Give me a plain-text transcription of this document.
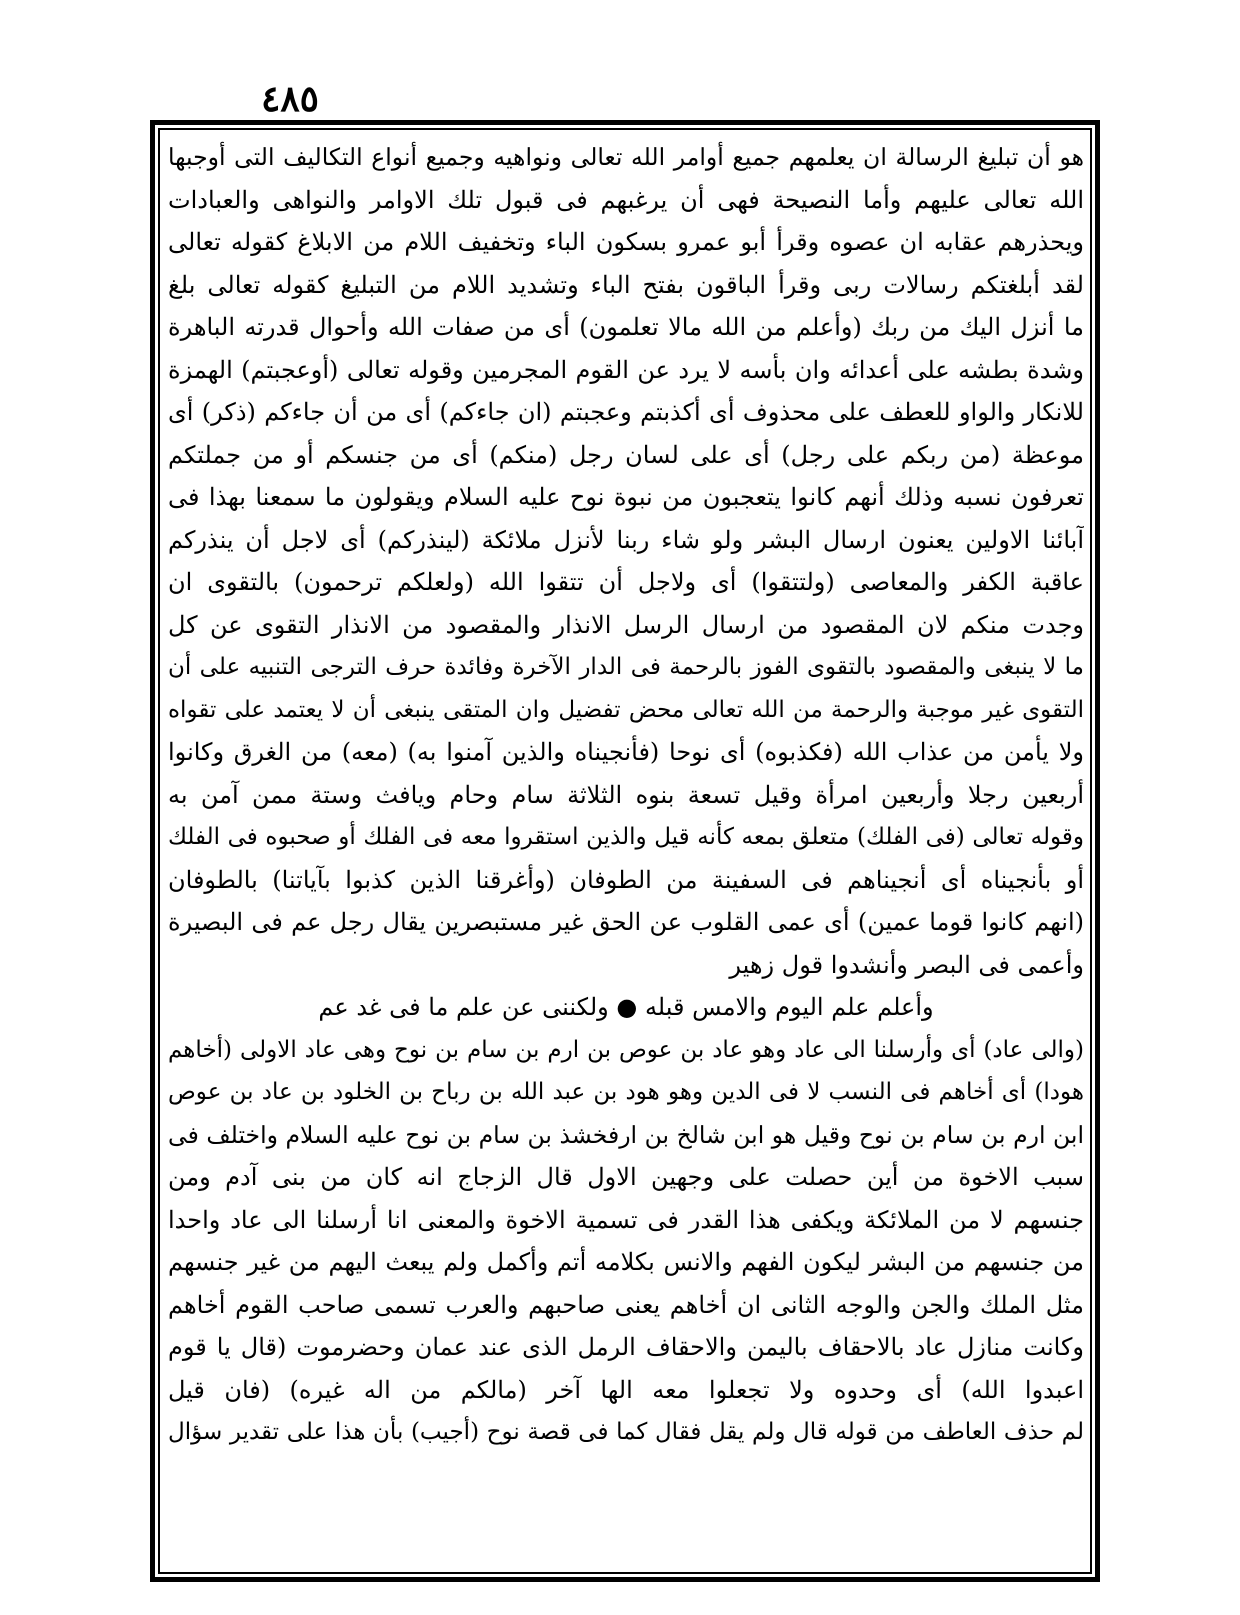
٤٨٥
هو أن تبليغ الرسالة ان يعلمهم جميع أوامر الله تعالى ونواهيه وجميع أنواع التكاليف التى أوجبها
الله تعالى عليهم وأما النصيحة فهى أن يرغبهم فى قبول تلك الاوامر والنواهى والعبادات
ويحذرهم عقابه ان عصوه وقرأ أبو عمرو بسكون الباء وتخفيف اللام من الابلاغ كقوله تعالى
لقد أبلغتكم رسالات ربى وقرأ الباقون بفتح الباء وتشديد اللام من التبليغ كقوله تعالى بلغ
ما أنزل اليك من ربك (وأعلم من الله مالا تعلمون) أى من صفات الله وأحوال قدرته الباهرة
وشدة بطشه على أعدائه وان بأسه لا يرد عن القوم المجرمين وقوله تعالى (أوعجبتم) الهمزة
للانكار والواو للعطف على محذوف أى أكذبتم وعجبتم (ان جاءكم) أى من أن جاءكم (ذكر) أى
موعظة (من ربكم على رجل) أى على لسان رجل (منكم) أى من جنسكم أو من جملتكم
تعرفون نسبه وذلك أنهم كانوا يتعجبون من نبوة نوح عليه السلام ويقولون ما سمعنا بهذا فى
آبائنا الاولين يعنون ارسال البشر ولو شاء ربنا لأنزل ملائكة (لينذركم) أى لاجل أن ينذركم
عاقبة الكفر والمعاصى (ولتتقوا) أى ولاجل أن تتقوا الله (ولعلكم ترحمون) بالتقوى ان
وجدت منكم لان المقصود من ارسال الرسل الانذار والمقصود من الانذار التقوى عن كل
ما لا ينبغى والمقصود بالتقوى الفوز بالرحمة فى الدار الآخرة وفائدة حرف الترجى التنبيه على أن
التقوى غير موجبة والرحمة من الله تعالى محض تفضيل وان المتقى ينبغى أن لا يعتمد على تقواه
ولا يأمن من عذاب الله (فكذبوه) أى نوحا (فأنجيناه والذين آمنوا به) (معه) من الغرق وكانوا
أربعين رجلا وأربعين امرأة وقيل تسعة بنوه الثلاثة سام وحام ويافث وستة ممن آمن به
وقوله تعالى (فى الفلك) متعلق بمعه كأنه قيل والذين استقروا معه فى الفلك أو صحبوه فى الفلك
أو بأنجيناه أى أنجيناهم فى السفينة من الطوفان (وأغرقنا الذين كذبوا بآياتنا) بالطوفان
(انهم كانوا قوما عمين) أى عمى القلوب عن الحق غير مستبصرين يقال رجل عم فى البصيرة
وأعمى فى البصر وأنشدوا قول زهير
وأعلم علم اليوم والامس قبله ● ولكننى عن علم ما فى غد عم
(والى عاد) أى وأرسلنا الى عاد وهو عاد بن عوص بن ارم بن سام بن نوح وهى عاد الاولى (أخاهم
هودا) أى أخاهم فى النسب لا فى الدين وهو هود بن عبد الله بن رباح بن الخلود بن عاد بن عوص
ابن ارم بن سام بن نوح وقيل هو ابن شالخ بن ارفخشذ بن سام بن نوح عليه السلام واختلف فى
سبب الاخوة من أين حصلت على وجهين الاول قال الزجاج انه كان من بنى آدم ومن
جنسهم لا من الملائكة ويكفى هذا القدر فى تسمية الاخوة والمعنى انا أرسلنا الى عاد واحدا
من جنسهم من البشر ليكون الفهم والانس بكلامه أتم وأكمل ولم يبعث اليهم من غير جنسهم
مثل الملك والجن والوجه الثانى ان أخاهم يعنى صاحبهم والعرب تسمى صاحب القوم أخاهم
وكانت منازل عاد بالاحقاف باليمن والاحقاف الرمل الذى عند عمان وحضرموت (قال يا قوم
اعبدوا الله) أى وحدوه ولا تجعلوا معه الها آخر (مالكم من اله غيره) (فان قيل
لم حذف العاطف من قوله قال ولم يقل فقال كما فى قصة نوح (أجيب) بأن هذا على تقدير سؤال
